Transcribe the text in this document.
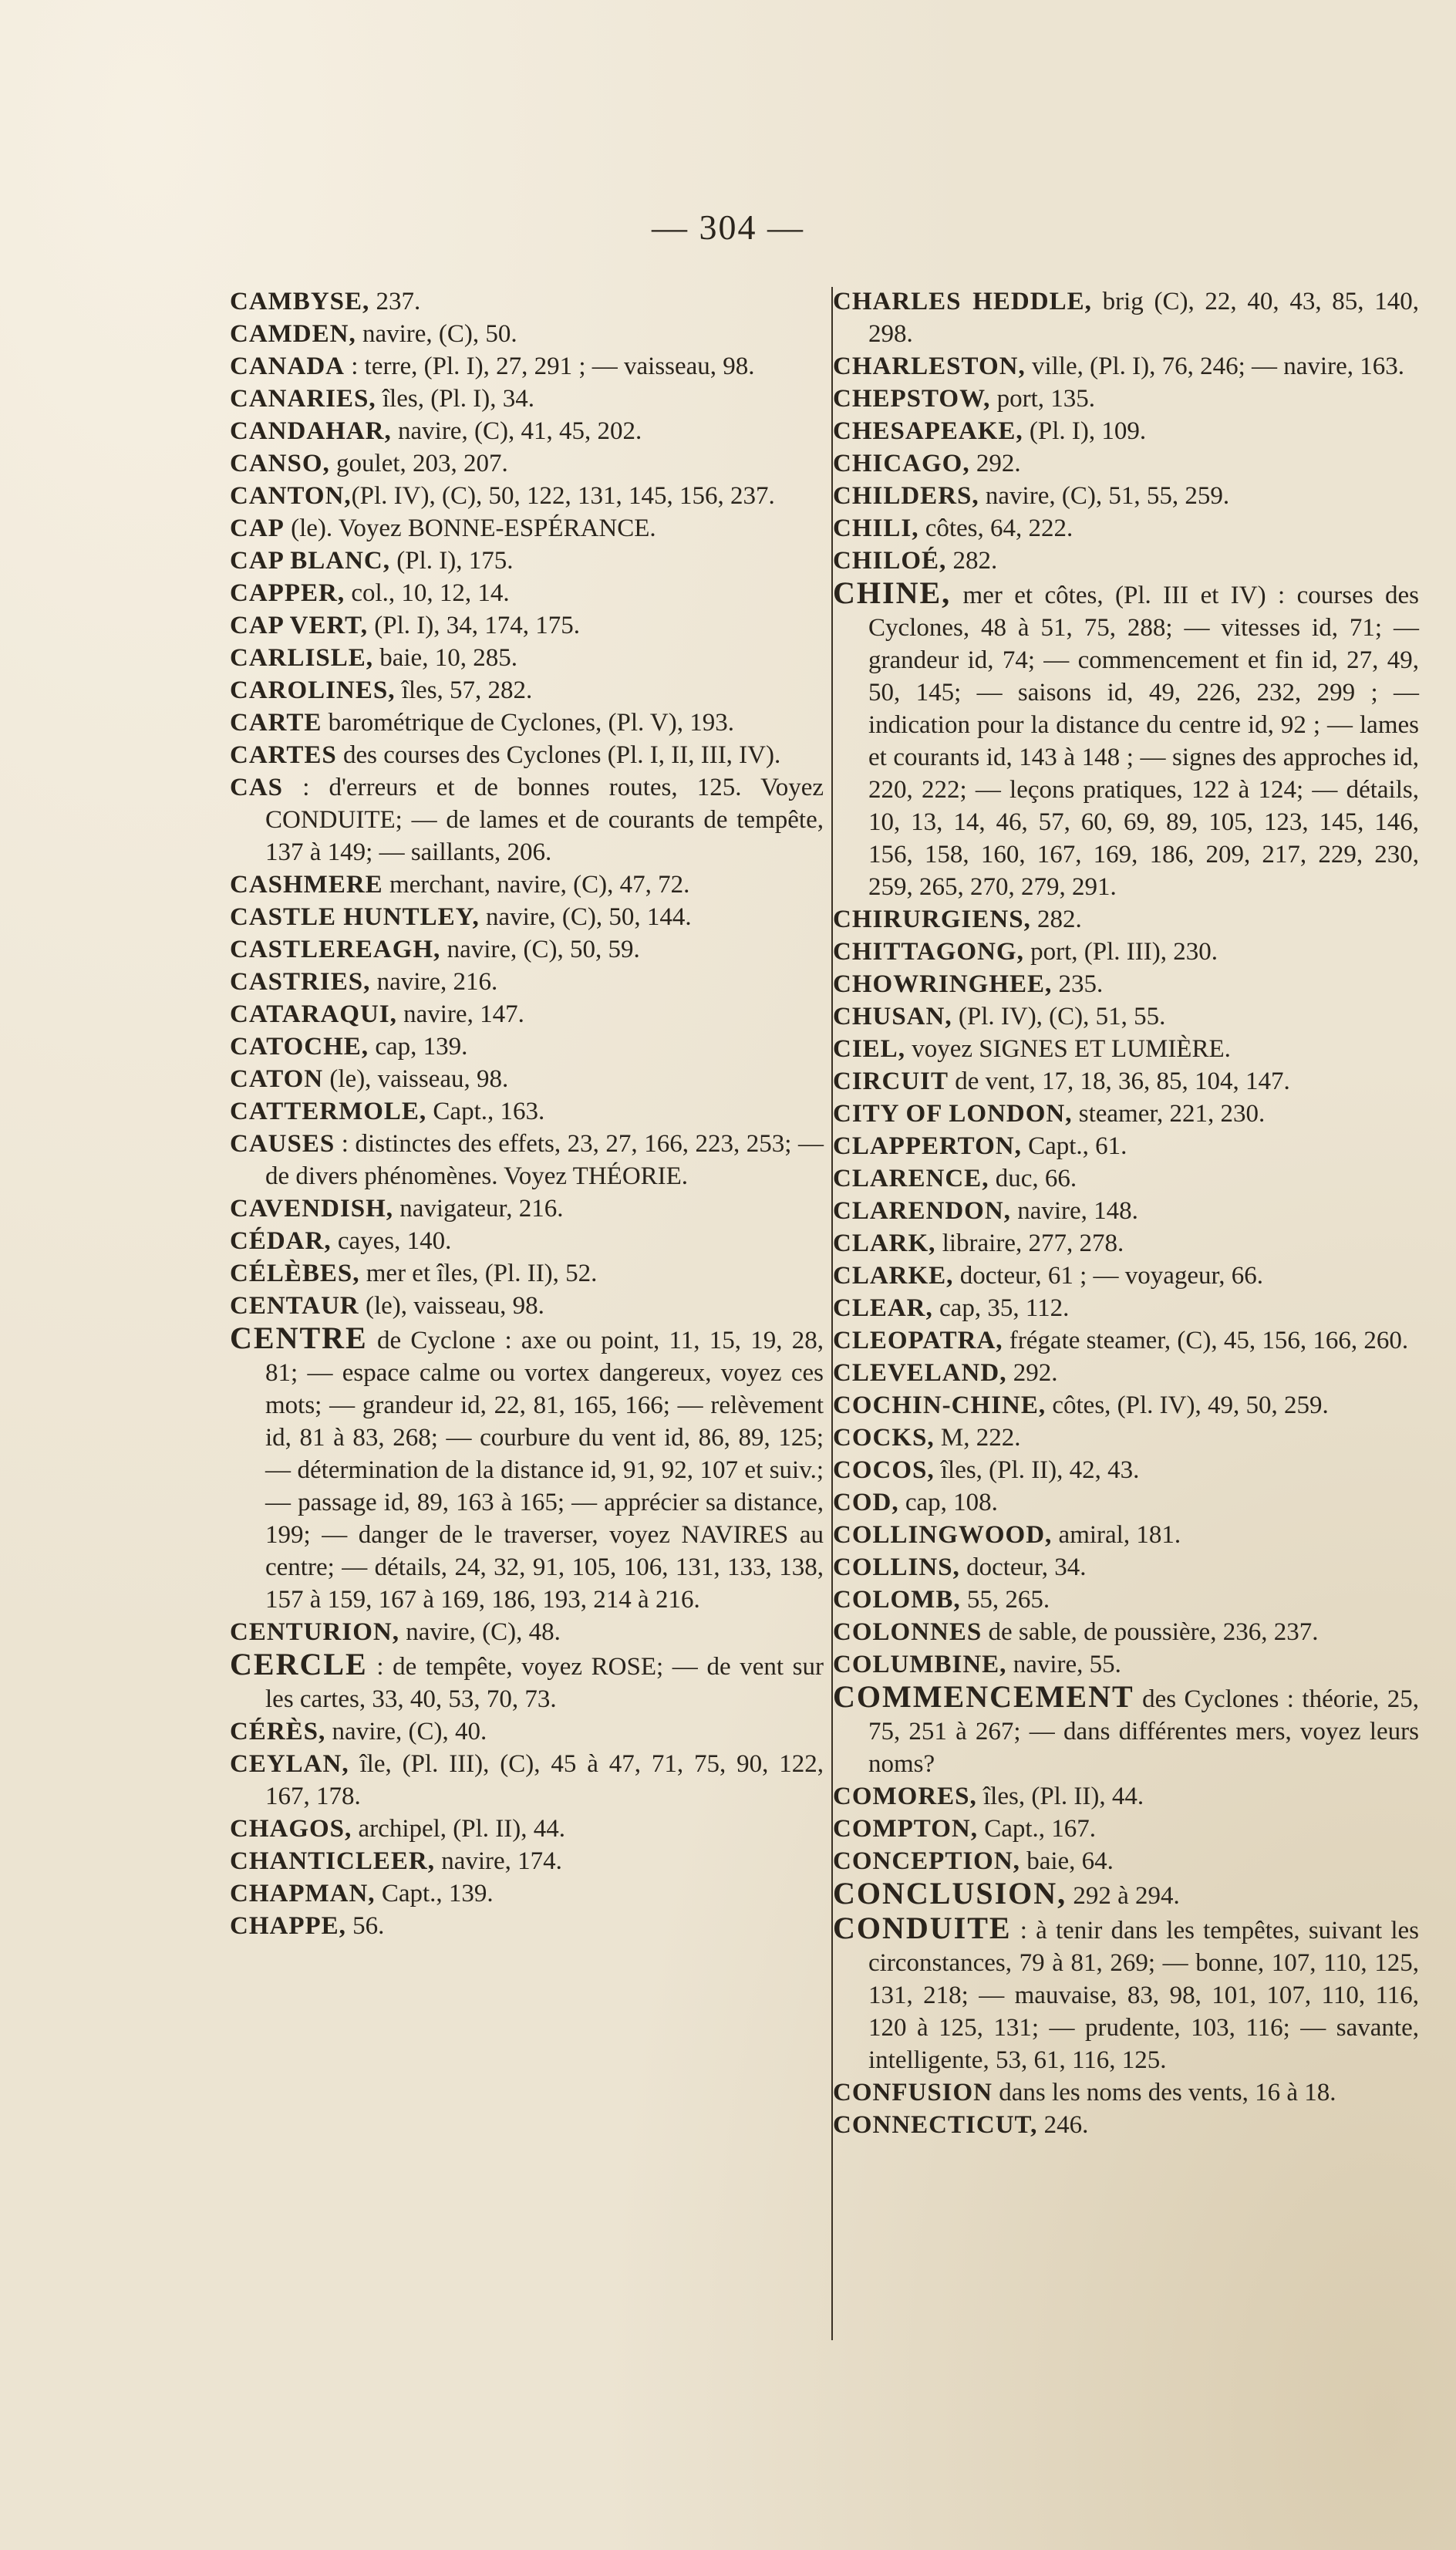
— 304 —
CAMBYSE, 237.
CAMDEN, navire, (C), 50.
CANADA : terre, (Pl. I), 27, 291 ; — vaisseau, 98.
CANARIES, îles, (Pl. I), 34.
CANDAHAR, navire, (C), 41, 45, 202.
CANSO, goulet, 203, 207.
CANTON,(Pl. IV), (C), 50, 122, 131, 145, 156, 237.
CAP (le). Voyez BONNE-ESPÉRANCE.
CAP BLANC, (Pl. I), 175.
CAPPER, col., 10, 12, 14.
CAP VERT, (Pl. I), 34, 174, 175.
CARLISLE, baie, 10, 285.
CAROLINES, îles, 57, 282.
CARTE barométrique de Cyclones, (Pl. V), 193.
CARTES des courses des Cyclones (Pl. I, II, III, IV).
CAS : d'erreurs et de bonnes routes, 125. Voyez CONDUITE; — de lames et de courants de tempête, 137 à 149; — saillants, 206.
CASHMERE merchant, navire, (C), 47, 72.
CASTLE HUNTLEY, navire, (C), 50, 144.
CASTLEREAGH, navire, (C), 50, 59.
CASTRIES, navire, 216.
CATARAQUI, navire, 147.
CATOCHE, cap, 139.
CATON (le), vaisseau, 98.
CATTERMOLE, Capt., 163.
CAUSES : distinctes des effets, 23, 27, 166, 223, 253; — de divers phénomènes. Voyez THÉORIE.
CAVENDISH, navigateur, 216.
CÉDAR, cayes, 140.
CÉLÈBES, mer et îles, (Pl. II), 52.
CENTAUR (le), vaisseau, 98.
CENTRE de Cyclone : axe ou point, 11, 15, 19, 28, 81; — espace calme ou vortex dangereux, voyez ces mots; — grandeur id, 22, 81, 165, 166; — relèvement id, 81 à 83, 268; — courbure du vent id, 86, 89, 125; — détermination de la distance id, 91, 92, 107 et suiv.; — passage id, 89, 163 à 165; — apprécier sa distance, 199; — danger de le traverser, voyez NAVIRES au centre; — détails, 24, 32, 91, 105, 106, 131, 133, 138, 157 à 159, 167 à 169, 186, 193, 214 à 216.
CENTURION, navire, (C), 48.
CERCLE : de tempête, voyez ROSE; — de vent sur les cartes, 33, 40, 53, 70, 73.
CÉRÈS, navire, (C), 40.
CEYLAN, île, (Pl. III), (C), 45 à 47, 71, 75, 90, 122, 167, 178.
CHAGOS, archipel, (Pl. II), 44.
CHANTICLEER, navire, 174.
CHAPMAN, Capt., 139.
CHAPPE, 56.
CHARLES HEDDLE, brig (C), 22, 40, 43, 85, 140, 298.
CHARLESTON, ville, (Pl. I), 76, 246; — navire, 163.
CHEPSTOW, port, 135.
CHESAPEAKE, (Pl. I), 109.
CHICAGO, 292.
CHILDERS, navire, (C), 51, 55, 259.
CHILI, côtes, 64, 222.
CHILOÉ, 282.
CHINE, mer et côtes, (Pl. III et IV) : courses des Cyclones, 48 à 51, 75, 288; — vitesses id, 71; — grandeur id, 74; — commencement et fin id, 27, 49, 50, 145; — saisons id, 49, 226, 232, 299 ; — indication pour la distance du centre id, 92 ; — lames et courants id, 143 à 148 ; — signes des approches id, 220, 222; — leçons pratiques, 122 à 124; — détails, 10, 13, 14, 46, 57, 60, 69, 89, 105, 123, 145, 146, 156, 158, 160, 167, 169, 186, 209, 217, 229, 230, 259, 265, 270, 279, 291.
CHIRURGIENS, 282.
CHITTAGONG, port, (Pl. III), 230.
CHOWRINGHEE, 235.
CHUSAN, (Pl. IV), (C), 51, 55.
CIEL, voyez SIGNES ET LUMIÈRE.
CIRCUIT de vent, 17, 18, 36, 85, 104, 147.
CITY OF LONDON, steamer, 221, 230.
CLAPPERTON, Capt., 61.
CLARENCE, duc, 66.
CLARENDON, navire, 148.
CLARK, libraire, 277, 278.
CLARKE, docteur, 61 ; — voyageur, 66.
CLEAR, cap, 35, 112.
CLEOPATRA, frégate steamer, (C), 45, 156, 166, 260.
CLEVELAND, 292.
COCHIN-CHINE, côtes, (Pl. IV), 49, 50, 259.
COCKS, M, 222.
COCOS, îles, (Pl. II), 42, 43.
COD, cap, 108.
COLLINGWOOD, amiral, 181.
COLLINS, docteur, 34.
COLOMB, 55, 265.
COLONNES de sable, de poussière, 236, 237.
COLUMBINE, navire, 55.
COMMENCEMENT des Cyclones : théorie, 25, 75, 251 à 267; — dans différentes mers, voyez leurs noms?
COMORES, îles, (Pl. II), 44.
COMPTON, Capt., 167.
CONCEPTION, baie, 64.
CONCLUSION, 292 à 294.
CONDUITE : à tenir dans les tempêtes, suivant les circonstances, 79 à 81, 269; — bonne, 107, 110, 125, 131, 218; — mauvaise, 83, 98, 101, 107, 110, 116, 120 à 125, 131; — prudente, 103, 116; — savante, intelligente, 53, 61, 116, 125.
CONFUSION dans les noms des vents, 16 à 18.
CONNECTICUT, 246.
